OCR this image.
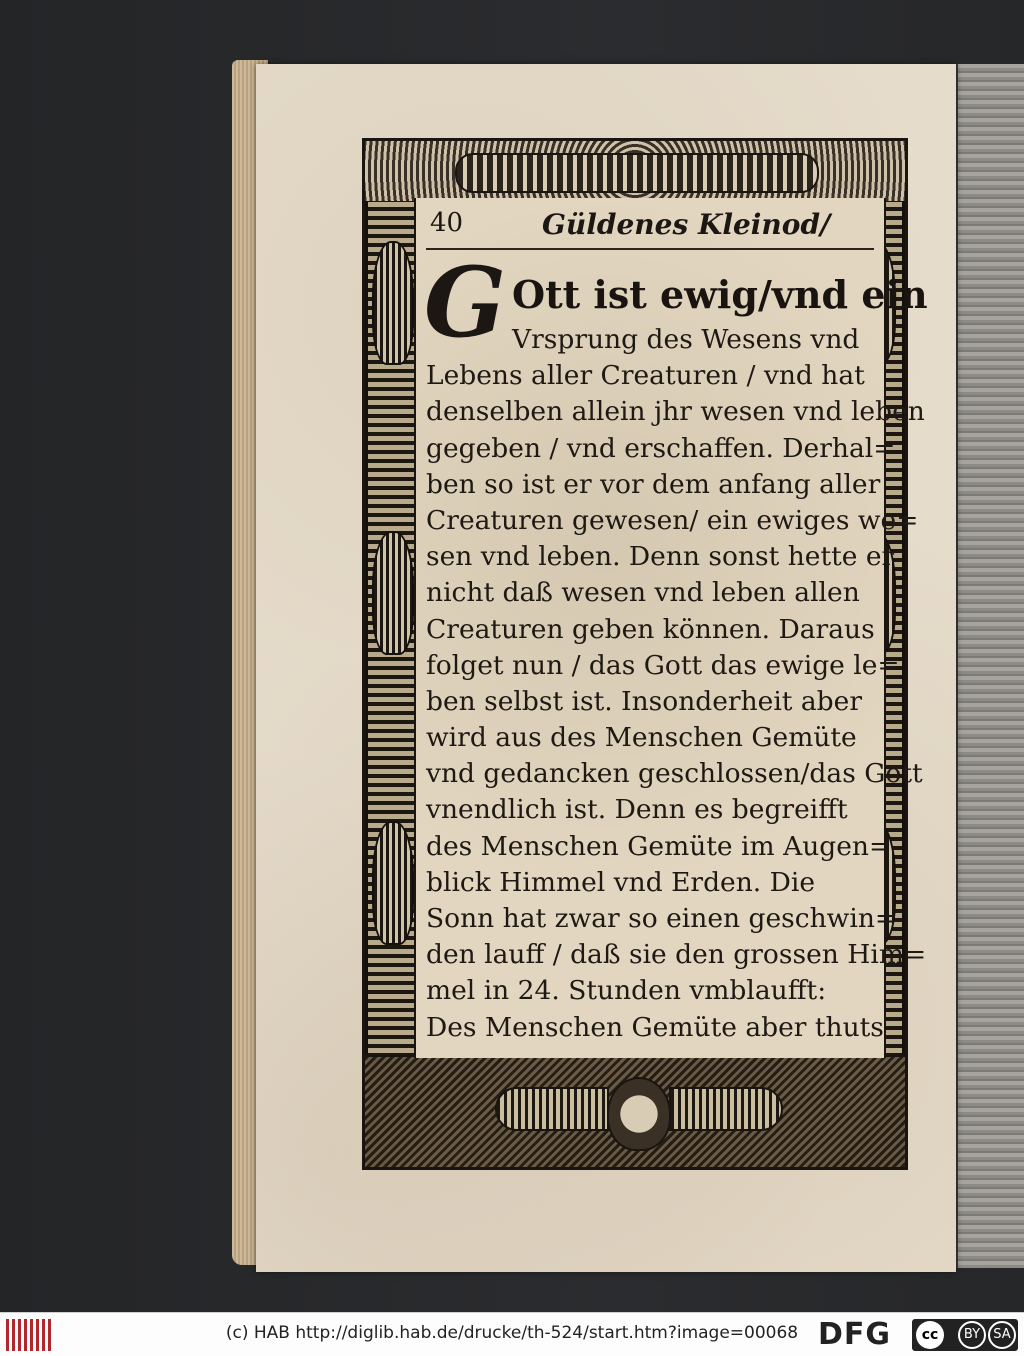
40	Güldenes Kleinod/
G Ott ist ewig/vnd ein
Vrsprung des Wesens vnd
Lebens aller Creaturen / vnd hat
denselben allein jhr wesen vnd leben
gegeben / vnd erschaffen. Derhal=
ben so ist er vor dem anfang aller
Creaturen gewesen/ ein ewiges we=
sen vnd leben. Denn sonst hette er
nicht daß wesen vnd leben allen
Creaturen geben können. Daraus
folget nun / das Gott das ewige le=
ben selbst ist. Insonderheit aber
wird aus des Menschen Gemüte
vnd gedancken geschlossen/das Gott
vnendlich ist. Denn es begreifft
des Menschen Gemüte im Augen=
blick Himmel vnd Erden. Die
Sonn hat zwar so einen geschwin=
den lauff / daß sie den grossen Him=
mel in 24. Stunden vmblaufft:
Des Menschen Gemüte aber thuts
(c) HAB http://diglib.hab.de/drucke/th-524/start.htm?image=00068 DFG	cc	BY	SA
